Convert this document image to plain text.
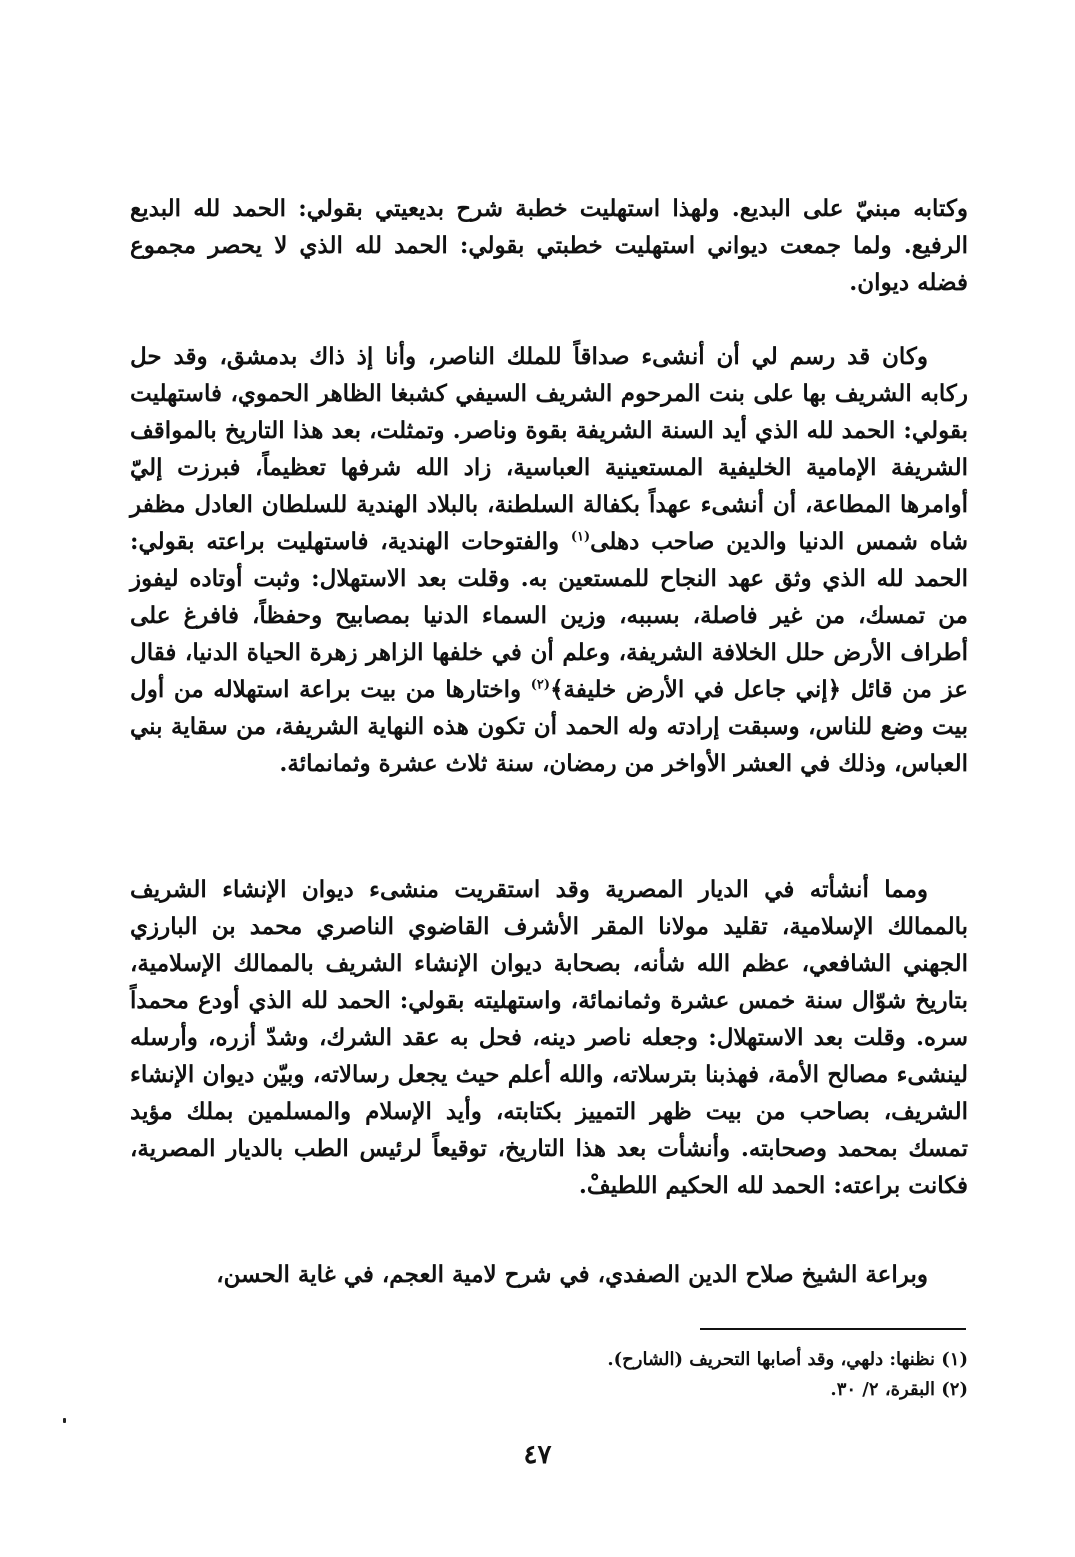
وكتابه مبنيّ على البديع. ولهذا استهليت خطبة شرح بديعيتي بقولي: الحمد لله البديع الرفيع. ولما جمعت ديواني استهليت خطبتي بقولي: الحمد لله الذي لا يحصر مجموع فضله ديوان.

وكان قد رسم لي أن أنشىء صداقاً للملك الناصر، وأنا إذ ذاك بدمشق، وقد حل ركابه الشريف بها على بنت المرحوم الشريف السيفي كشبغا الظاهر الحموي، فاستهليت بقولي: الحمد لله الذي أيد السنة الشريفة بقوة وناصر. وتمثلت، بعد هذا التاريخ بالمواقف الشريفة الإمامية الخليفية المستعينية العباسية، زاد الله شرفها تعظيماً، فبرزت إليّ أوامرها المطاعة، أن أنشىء عهداً بكفالة السلطنة، بالبلاد الهندية للسلطان العادل مظفر شاه شمس الدنيا والدين صاحب دهلى$^{(١)}$ والفتوحات الهندية، فاستهليت براعته بقولي: الحمد لله الذي وثق عهد النجاح للمستعين به. وقلت بعد الاستهلال: وثبت أوتاده ليفوز من تمسك، من غير فاصلة، بسببه، وزين السماء الدنيا بمصابيح وحفظاً، فافرغ على أطراف الأرض حلل الخلافة الشريفة، وعلم أن في خلفها الزاهر زهرة الحياة الدنيا، فقال عز من قائل ﴿إني جاعل في الأرض خليفة﴾$^{(٢)}$ واختارها من بيت براعة استهلاله من أول بيت وضع للناس، وسبقت إرادته وله الحمد أن تكون هذه النهاية الشريفة، من سقاية بني العباس، وذلك في العشر الأواخر من رمضان، سنة ثلاث عشرة وثمانمائة.

ومما أنشأته في الديار المصرية وقد استقريت منشىء ديوان الإنشاء الشريف بالممالك الإسلامية، تقليد مولانا المقر الأشرف القاضوي الناصري محمد بن البارزي الجهني الشافعي، عظم الله شأنه، بصحابة ديوان الإنشاء الشريف بالممالك الإسلامية، بتاريخ شوّال سنة خمس عشرة وثمانمائة، واستهليته بقولي: الحمد لله الذي أودع محمداً سره. وقلت بعد الاستهلال: وجعله ناصر دينه، فحل به عقد الشرك، وشدّ أزره، وأرسله لينشىء مصالح الأمة، فهذبنا بترسلاته، والله أعلم حيث يجعل رسالاته، وبيّن ديوان الإنشاء الشريف، بصاحب من بيت ظهر التمييز بكتابته، وأيد الإسلام والمسلمين بملك مؤيد تمسك بمحمد وصحابته. وأنشأت بعد هذا التاريخ، توقيعاً لرئيس الطب بالديار المصرية، فكانت براعته: الحمد لله الحكيم اللطيفْ.

وبراعة الشيخ صلاح الدين الصفدي، في شرح لامية العجم، في غاية الحسن،

(١) نظنها: دلهي، وقد أصابها التحريف (الشارح).
(٢) البقرة، ٢/ ٣٠.
٤٧
